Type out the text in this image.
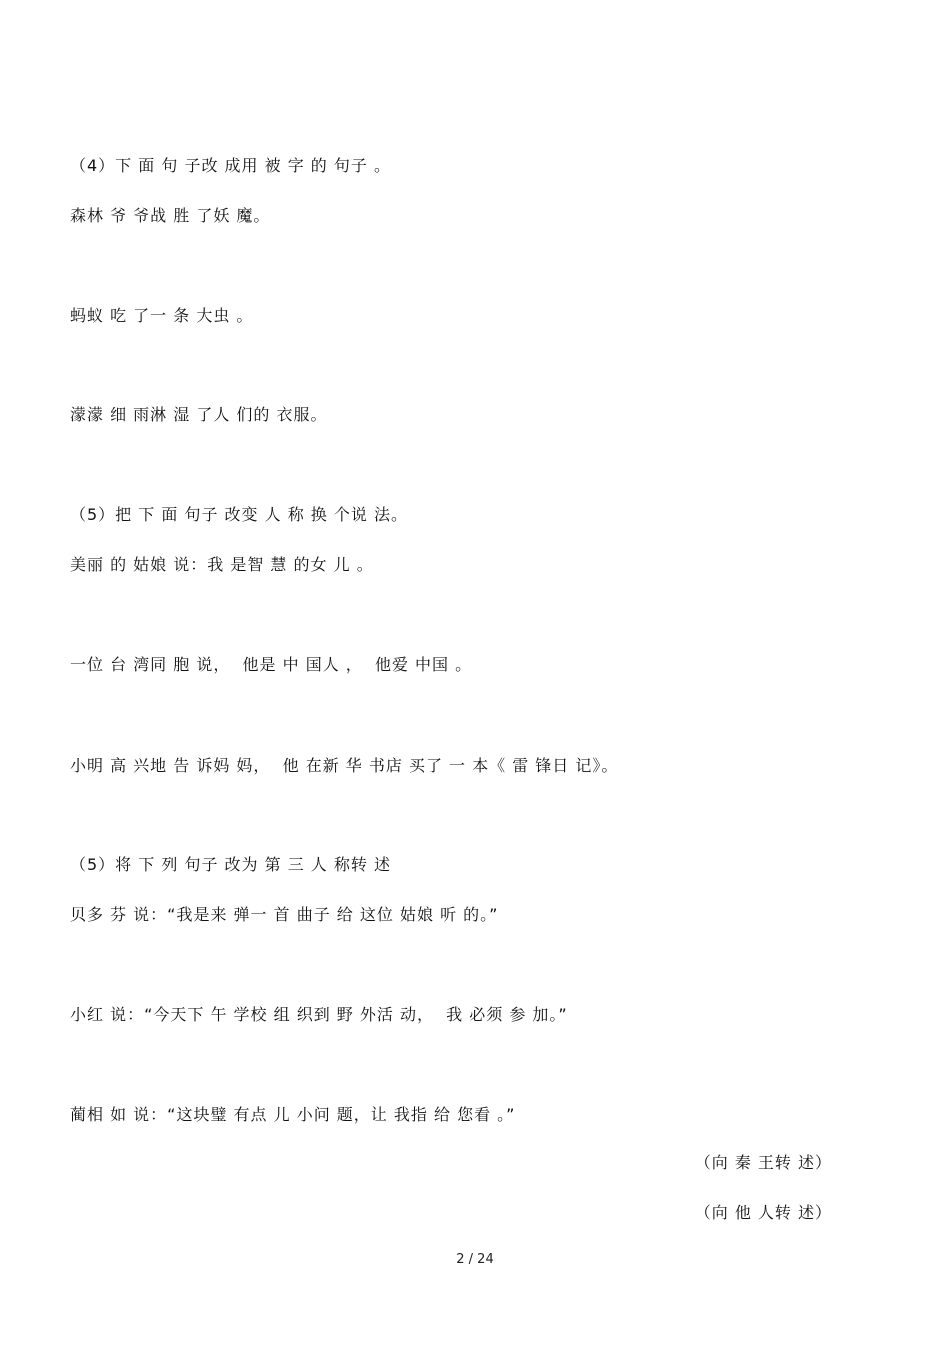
（4）下 面 句 子改 成用 被 字 的 句子 。
森林 爷 爷战 胜 了妖 魔。
蚂蚁 吃 了一 条 大虫 。
濛濛 细 雨淋 湿 了人 们的 衣服。
（5）把 下 面 句子 改变 人 称 换 个说 法。
美丽 的 姑娘 说：我 是智 慧 的女 儿 。
一位 台 湾同 胞 说，  他是 中 国人 ，  他爱 中国 。
小明 高 兴地 告 诉妈 妈，  他 在新 华 书店 买了 一 本《 雷 锋日 记》。
（5）将 下 列 句子 改为 第 三 人 称转 述
贝多 芬 说：“我是来 弹一 首 曲子 给 这位 姑娘 听 的。”
小红 说：“今天下 午 学校 组 织到 野 外活 动，  我 必须 参 加。”
蔺相 如 说：“这块璧 有点 儿 小问 题，让 我指 给 您看 。”
（向 秦 王转 述）
（向 他 人转 述）
2 / 24
